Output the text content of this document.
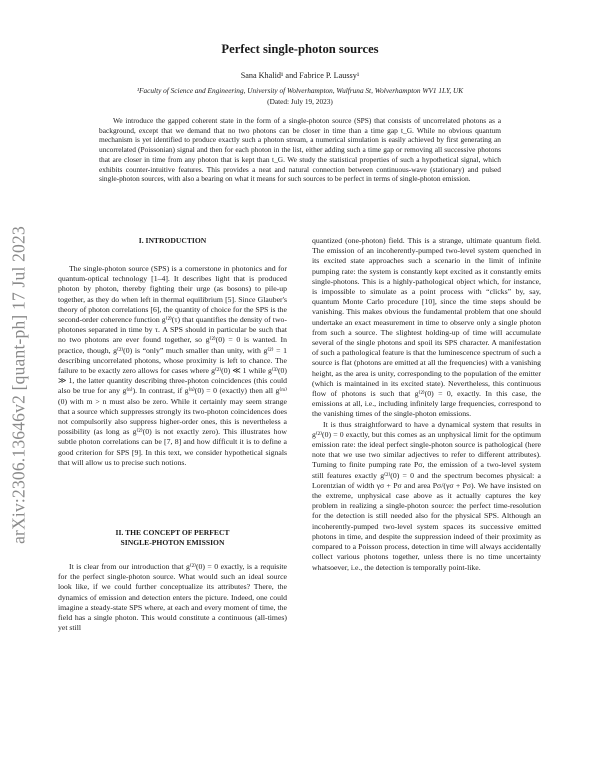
arXiv:2306.13646v2 [quant-ph] 17 Jul 2023
Perfect single-photon sources
Sana Khalid¹ and Fabrice P. Laussy¹
¹Faculty of Science and Engineering, University of Wolverhampton, Wulfruna St, Wolverhampton WV1 1LY, UK
(Dated: July 19, 2023)

We introduce the gapped coherent state in the form of a single-photon source (SPS) that consists of uncorrelated photons as a background, except that we demand that no two photons can be closer in time than a time gap t_G. While no obvious quantum mechanism is yet identified to produce exactly such a photon stream, a numerical simulation is easily achieved by first generating an uncorrelated (Poissonian) signal and then for each photon in the list, either adding such a time gap or removing all successive photons that are closer in time from any photon that is kept than t_G. We study the statistical properties of such a hypothetical signal, which exhibits counter-intuitive features. This provides a neat and natural connection between continuous-wave (stationary) and pulsed single-photon sources, with also a bearing on what it means for such sources to be perfect in terms of single-photon emission.

I. INTRODUCTION

The single-photon source (SPS) is a cornerstone in photonics and for quantum-optical technology [1–4]. It describes light that is produced photon by photon, thereby fighting their urge (as bosons) to pile-up together, as they do when left in thermal equilibrium [5]. Since Glauber's theory of photon correlations [6], the quantity of choice for the SPS is the second-order coherence function g⁽²⁾(τ) that quantifies the density of two-photones separated in time by τ. A SPS should in particular be such that no two photons are ever found together, so g⁽²⁾(0) = 0 is wanted. In practice, though, g⁽²⁾(0) is “only” much smaller than unity, with g⁽²⁾ = 1 describing uncorrelated photons, whose proximity is left to chance. The failure to be exactly zero allows for cases where g⁽²⁾(0) ≪ 1 while g⁽³⁾(0) ≫ 1, the latter quantity describing three-photon coincidences (this could also be true for any g⁽ⁿ⁾). In contrast, if g⁽ⁿ⁾(0) = 0 (exactly) then all g⁽ᵐ⁾(0) with m > n must also be zero. While it certainly may seem strange that a source which suppresses strongly its two-photon coincidences does not compulsorily also suppress higher-order ones, this is nevertheless a possibility (as long as g⁽²⁾(0) is not exactly zero). This illustrates how subtle photon correlations can be [7, 8] and how difficult it is to define a good criterion for SPS [9]. In this text, we consider hypothetical signals that will allow us to precise such notions.

II. THE CONCEPT OF PERFECT
SINGLE-PHOTON EMISSION

It is clear from our introduction that g⁽²⁾(0) = 0 exactly, is a requisite for the perfect single-photon source. What would such an ideal source look like, if we could further conceptualize its attributes? There, the dynamics of emission and detection enters the picture. Indeed, one could imagine a steady-state SPS where, at each and every moment of time, the field has a single photon. This would constitute a continuous (all-times) yet still

quantized (one-photon) field. This is a strange, ultimate quantum field. The emission of an incoherently-pumped two-level system quenched in its excited state approaches such a scenario in the limit of infinite pumping rate: the system is constantly kept excited as it constantly emits single-photons. This is a highly-pathological object which, for instance, is impossible to simulate as a point process with “clicks” by, say, quantum Monte Carlo procedure [10], since the time steps should be vanishing. This makes obvious the fundamental problem that one should undertake an exact measurement in time to observe only a single photon from such a source. The slightest holding-up of time will accumulate several of the single photons and spoil its SPS character. A manifestation of such a pathological feature is that the luminescence spectrum of such a source is flat (photons are emitted at all the frequencies) with a vanishing height, as the area is unity, corresponding to the population of the emitter (which is maintained in its excited state). Nevertheless, this continuous flow of photons is such that g⁽²⁾(0) = 0, exactly. In this case, the emissions at all, i.e., including infinitely large frequencies, correspond to the vanishing times of the single-photon emissions.

It is thus straightforward to have a dynamical system that results in g⁽²⁾(0) = 0 exactly, but this comes as an unphysical limit for the optimum emission rate: the ideal perfect single-photon source is pathological (here note that we use two similar adjectives to refer to different attributes). Turning to finite pumping rate Pσ, the emission of a two-level system still features exactly g⁽²⁾(0) = 0 and the spectrum becomes physical: a Lorentzian of width γσ + Pσ and area Pσ/(γσ + Pσ). We have insisted on the extreme, unphysical case above as it actually captures the key problem in realizing a single-photon source: the perfect time-resolution for the detection is still needed also for the physical SPS. Although an incoherently-pumped two-level system spaces its successive emitted photons in time, and despite the suppression indeed of their proximity as compared to a Poisson process, detection in time will always accidentally collect various photons together, unless there is no time uncertainty whatsoever, i.e., the detection is temporally point-like.
